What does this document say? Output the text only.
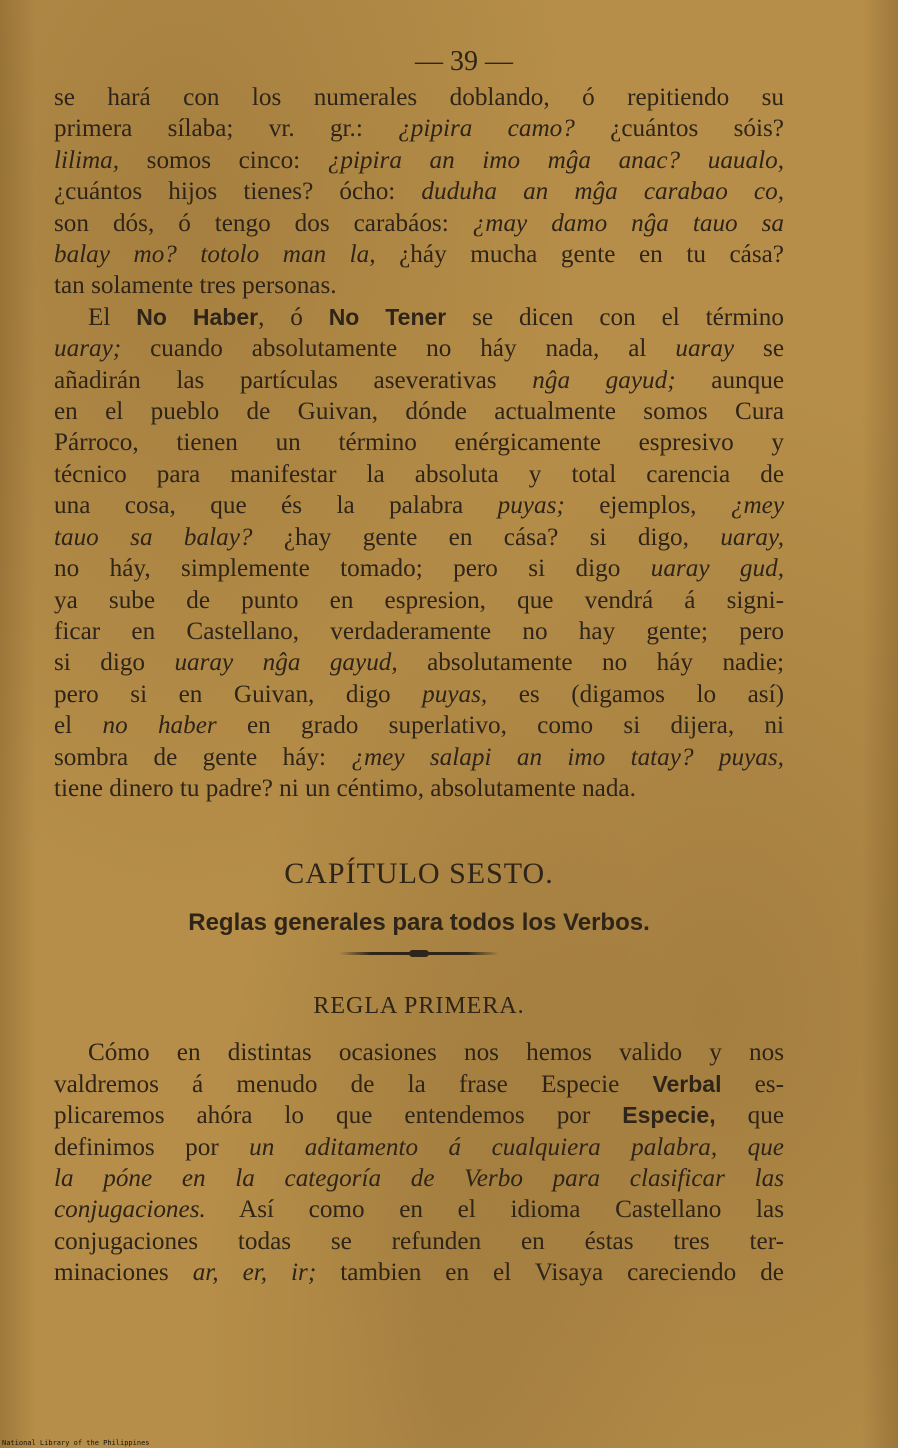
— 39 —

se hará con los numerales doblando, ó repitiendo su
primera sílaba; vr. gr.: ¿pipira camo? ¿cuántos sóis?
lilima, somos cinco: ¿pipira an imo mĝa anac? uaualo,
¿cuántos hijos tienes? ócho: duduha an mĝa carabao co,
son dós, ó tengo dos carabáos: ¿may damo nĝa tauo sa
balay mo? totolo man la, ¿háy mucha gente en tu cása?
tan solamente tres personas.

El No Haber, ó No Tener se dicen con el término
uaray; cuando absolutamente no háy nada, al uaray se
añadirán las partículas aseverativas nĝa gayud; aunque
en el pueblo de Guivan, dónde actualmente somos Cura
Párroco, tienen un término enérgicamente espresivo y
técnico para manifestar la absoluta y total carencia de
una cosa, que és la palabra puyas; ejemplos, ¿mey
tauo sa balay? ¿hay gente en cása? si digo, uaray,
no háy, simplemente tomado; pero si digo uaray gud,
ya sube de punto en espresion, que vendrá á signi-
ficar en Castellano, verdaderamente no hay gente; pero
si digo uaray nĝa gayud, absolutamente no háy nadie;
pero si en Guivan, digo puyas, es (digamos lo así)
el no haber en grado superlativo, como si dijera, ni
sombra de gente háy: ¿mey salapi an imo tatay? puyas,
tiene dinero tu padre? ni un céntimo, absolutamente nada.

CAPÍTULO SESTO.
Reglas generales para todos los Verbos.
REGLA PRIMERA.

Cómo en distintas ocasiones nos hemos valido y nos
valdremos á menudo de la frase Especie Verbal es-
plicaremos ahóra lo que entendemos por Especie, que
definimos por un aditamento á cualquiera palabra, que
la póne en la categoría de Verbo para clasificar las
conjugaciones. Así como en el idioma Castellano las
conjugaciones todas se refunden en éstas tres ter-
minaciones ar, er, ir; tambien en el Visaya careciendo de

National Library of the Philippines
